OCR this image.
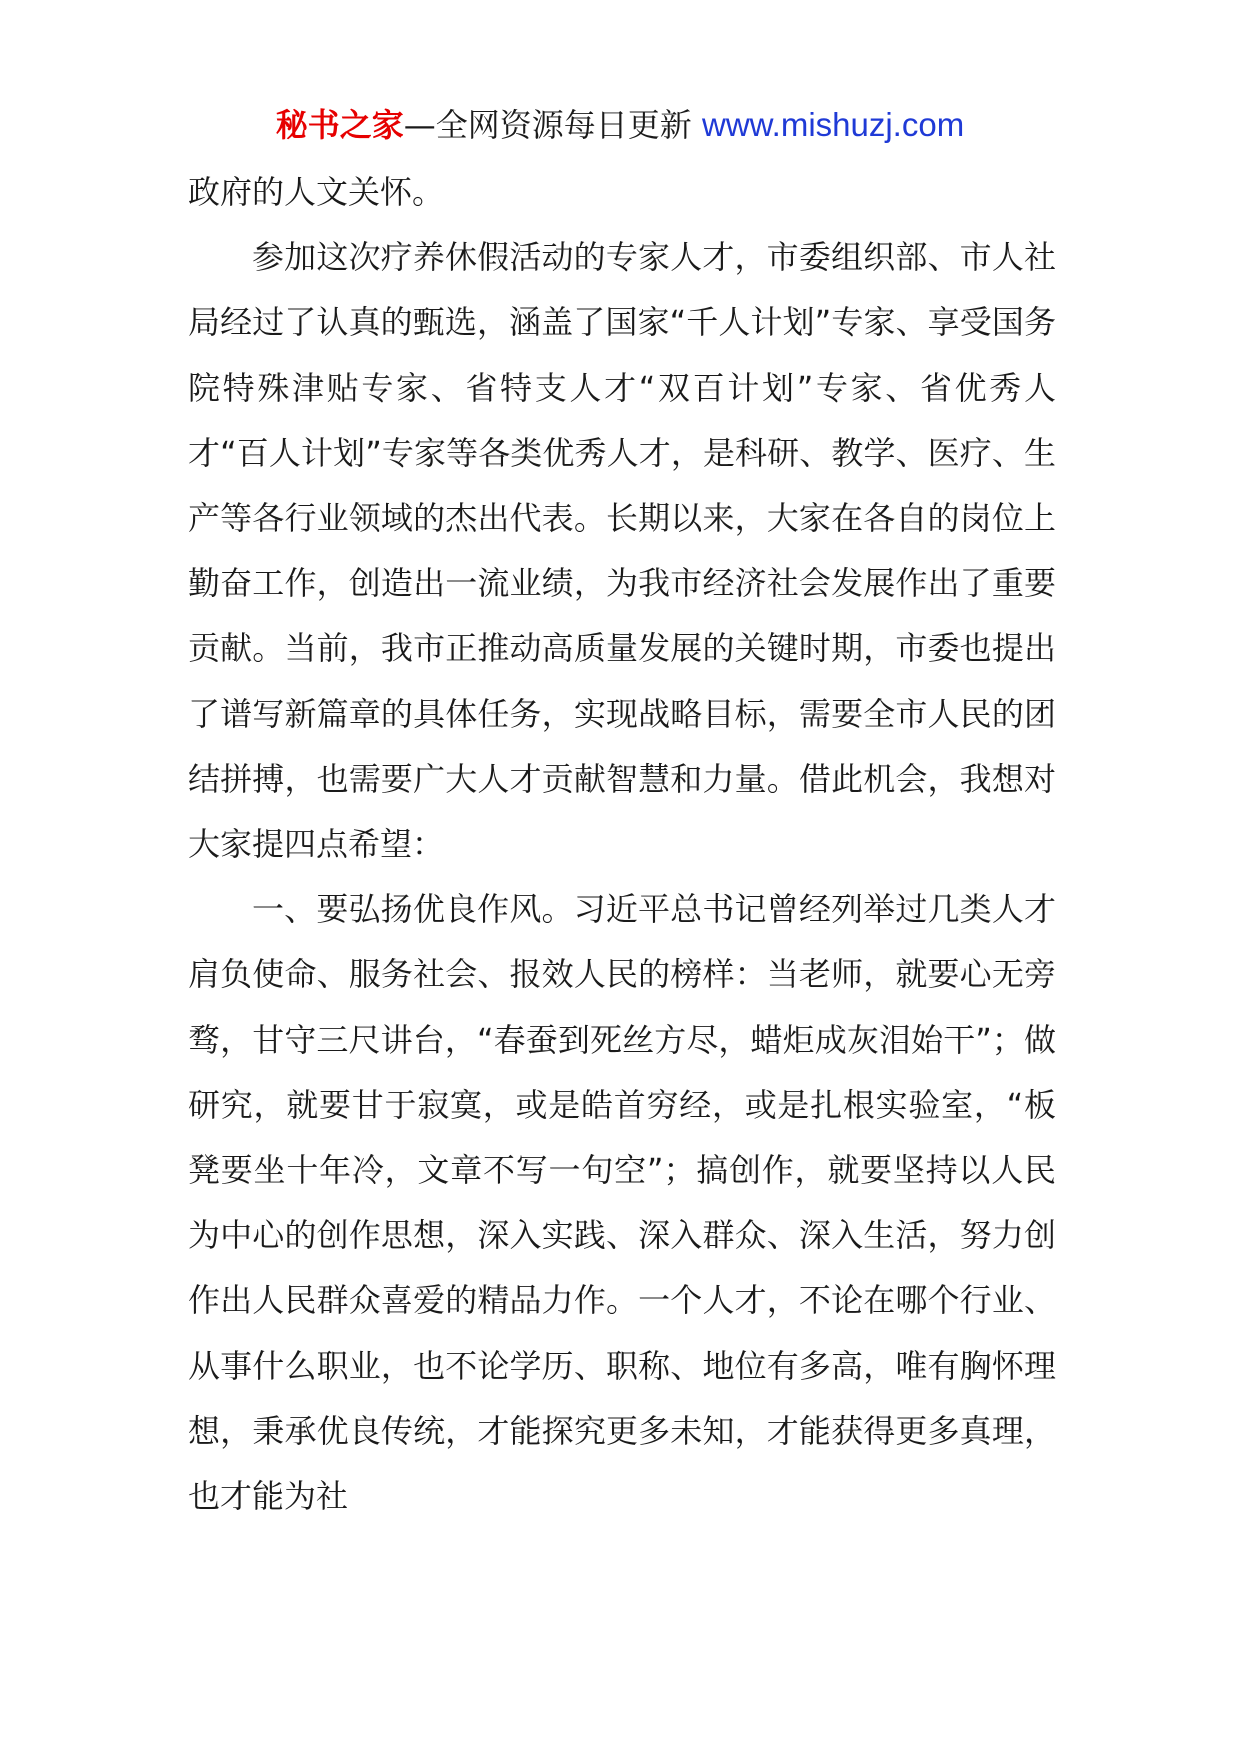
秘书之家—全网资源每日更新 www.mishuzj.com

政府的人文关怀。

参加这次疗养休假活动的专家人才，市委组织部、市人社局经过了认真的甄选，涵盖了国家“千人计划”专家、享受国务院特殊津贴专家、省特支人才“双百计划”专家、省优秀人才“百人计划”专家等各类优秀人才，是科研、教学、医疗、生产等各行业领域的杰出代表。长期以来，大家在各自的岗位上勤奋工作，创造出一流业绩，为我市经济社会发展作出了重要贡献。当前，我市正推动高质量发展的关键时期，市委也提出了谱写新篇章的具体任务，实现战略目标，需要全市人民的团结拼搏，也需要广大人才贡献智慧和力量。借此机会，我想对大家提四点希望：

一、要弘扬优良作风。习近平总书记曾经列举过几类人才肩负使命、服务社会、报效人民的榜样：当老师，就要心无旁骛，甘守三尺讲台，“春蚕到死丝方尽，蜡炬成灰泪始干”；做研究，就要甘于寂寞，或是皓首穷经，或是扎根实验室，“板凳要坐十年冷，文章不写一句空”；搞创作，就要坚持以人民为中心的创作思想，深入实践、深入群众、深入生活，努力创作出人民群众喜爱的精品力作。一个人才，不论在哪个行业、从事什么职业，也不论学历、职称、地位有多高，唯有胸怀理想，秉承优良传统，才能探究更多未知，才能获得更多真理，也才能为社
